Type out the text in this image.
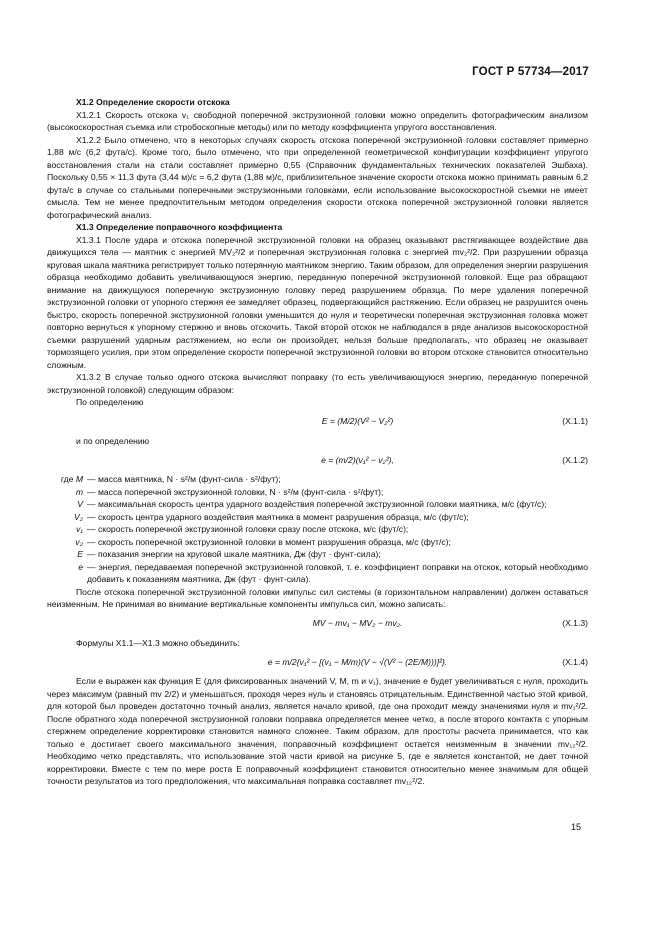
ГОСТ Р 57734—2017

X1.2 Определение скорости отскока

X1.2.1 Скорость отскока v₁ свободной поперечной экструзионной головки можно определить фотографическим анализом (высокоскоростная съемка или стробоскопные методы) или по методу коэффициента упругого восстановления.

X1.2.2 Было отмечено, что в некоторых случаях скорость отскока поперечной экструзионной головки составляет примерно 1,88 м/с (6,2 фута/с). Кроме того, было отмечено, что при определенной геометрической конфигурации коэффициент упругого восстановления стали на стали составляет примерно 0,55 (Справочник фундаментальных технических показателей Эшбаха). Поскольку 0,55 × 11,3 фута (3,44 м)/с = 6,2 фута (1,88 м)/с, приблизительное значение скорости отскока можно принимать равным 6,2 фута/с в случае со стальными поперечными экструзионными головками, если использование высокоскоростной съемки не имеет смысла. Тем не менее предпочтительным методом определения скорости отскока поперечной экструзионной головки является фотографический анализ.

X1.3 Определение поправочного коэффициента

X1.3.1 После удара и отскока поперечной экструзионной головки на образец оказывают растягивающее воздействие два движущихся тела — маятник с энергией MV₂²/2 и поперечная экструзионная головка с энергией mv₂²/2. При разрушении образца круговая шкала маятника регистрирует только потерянную маятником энергию. Таким образом, для определения энергии разрушения образца необходимо добавить увеличивающуюся энергию, переданную поперечной экструзионной головкой. Еще раз обращают внимание на движущуюся поперечную экструзионную головку перед разрушением образца. По мере удаления поперечной экструзионной головки от упорного стержня ее замедляет образец, подвергающийся растяжению. Если образец не разрушится очень быстро, скорость поперечной экструзионной головки уменьшится до нуля и теоретически поперечная экструзионная головка может повторно вернуться к упорному стержню и вновь отскочить. Такой второй отскок не наблюдался в ряде анализов высокоскоростной съемки разрушений ударным растяжением, но если он произойдет, нельзя больше предполагать, что образец не оказывает тормозящего усилия, при этом определение скорости поперечной экструзионной головки во втором отскоке становится относительно сложным.

X1.3.2 В случае только одного отскока вычисляют поправку (то есть увеличивающуюся энергию, переданную поперечной экструзионной головкой) следующим образом:

По определению

E = (M/2)(V² − V₂²)	(X.1.1)

и по определению

e = (m/2)(v₁² − v₂²),	(X.1.2)
где M — масса маятника, N · s²/м (фунт-сила · s²/фут);
m — масса поперечной экструзионной головки, N · s²/м (фунт-сила · s²/фут);
V — максимальная скорость центра ударного воздействия поперечной экструзионной головки маятника, м/с (фут/с);
V₂ — скорость центра ударного воздействия маятника в момент разрушения образца, м/с (фут/с);
v₁ — скорость поперечной экструзионной головки сразу после отскока, м/с (фут/с);
v₂ — скорость поперечной экструзионной головки в момент разрушения образца, м/с (фут/с);
E — показания энергии на круговой шкале маятника, Дж (фут · фунт-сила);
e — энергия, передаваемая поперечной экструзионной головкой, т. е. коэффициент поправки на отскок, который необходимо добавить к показаниям маятника, Дж (фут · фунт-сила).

После отскока поперечной экструзионной головки импульс сил системы (в горизонтальном направлении) должен оставаться неизменным. Не принимая во внимание вертикальные компоненты импульса сил, можно записать:

MV − mv₁ − MV₂ − mv₂.	(X.1.3)

Формулы X1.1—X1.3 можно объединить:

e = m/2{v₁² − [(v₁ − M/m)(V − √(V² − (2E/M)))]²}.	(X.1.4)

Если e выражен как функция E (для фиксированных значений V, M, m и v₁), значение e будет увеличиваться с нуля, проходить через максимум (равный mv 2/2) и уменьшаться, проходя через нуль и становясь отрицательным. Единственной частью этой кривой, для которой был проведен достаточно точный анализ, является начало кривой, где она проходит между значениями нуля и mv₁²/2. После обратного хода поперечной экструзионной головки поправка определяется менее четко, а после второго контакта с упорным стержнем определение корректировки становится намного сложнее. Таким образом, для простоты расчета принимается, что как только e достигает своего максимального значения, поправочный коэффициент остается неизменным в значении mv₁₂²/2. Необходимо четко представлять, что использование этой части кривой на рисунке 5, где e является константой, не дает точной корректировки. Вместе с тем по мере роста E поправочный коэффициент становится относительно менее значимым для общей точности результатов из того предположения, что максимальная поправка составляет mv₁₂²/2.

15
